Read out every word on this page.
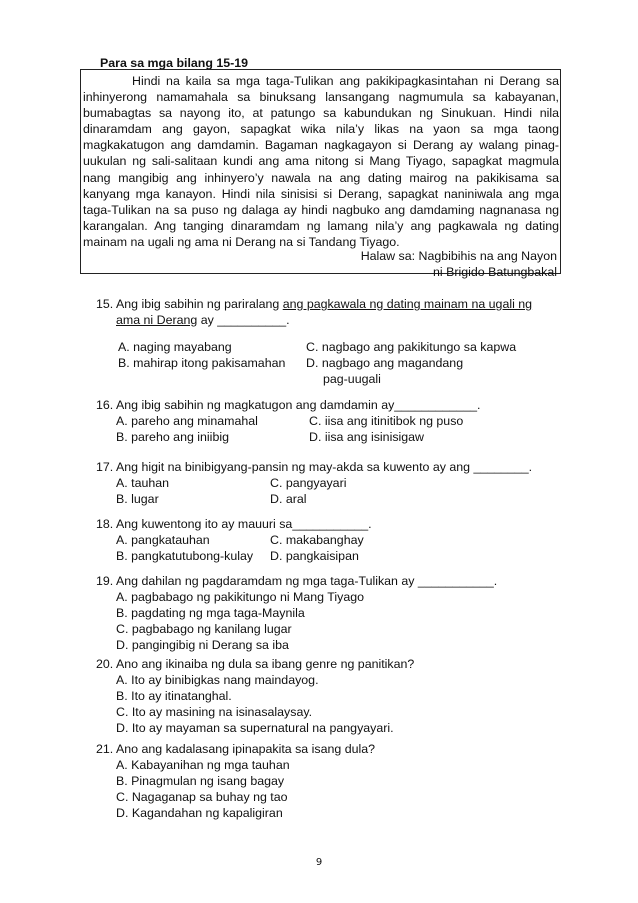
Para sa mga bilang 15-19

Hindi na kaila sa mga taga-Tulikan ang pakikipagkasintahan ni Derang sa inhinyerong namamahala sa binuksang lansangang nagmumula sa kabayanan, bumabagtas sa nayong ito, at patungo sa kabundukan ng Sinukuan. Hindi nila dinaramdam ang gayon, sapagkat wika nila’y likas na yaon sa mga taong magkakatugon ang damdamin. Bagaman nagkagayon si Derang ay walang pinag-uukulan ng sali-salitaan kundi ang ama nitong si Mang Tiyago, sapagkat magmula nang mangibig ang inhinyero’y nawala na ang dating mairog na pakikisama sa kanyang mga kanayon. Hindi nila sinisisi si Derang, sapagkat naniniwala ang mga taga-Tulikan na sa puso ng dalaga ay hindi nagbuko ang damdaming nagnanasa ng karangalan. Ang tanging dinaramdam ng lamang nila’y ang pagkawala ng dating mainam na ugali ng ama ni Derang na si Tandang Tiyago.

Halaw sa: Nagbibihis na ang Nayon
ni Brigido Batungbakal
15. Ang ibig sabihin ng pariralang ang pagkawala ng dating mainam na ugali ng
ama ni Derang ay __________.
A. naging mayabang
B. mahirap itong pakisamahan
C. nagbago ang pakikitungo sa kapwa
D. nagbago ang magandang
pag-uugali
16. Ang ibig sabihin ng magkatugon ang damdamin ay____________.
A. pareho ang minamahal
B. pareho ang iniibig
C. iisa ang itinitibok ng puso
D. iisa ang isinisigaw
17. Ang higit na binibigyang-pansin ng may-akda sa kuwento ay ang ________.
A. tauhan
B. lugar
C. pangyayari
D. aral
18. Ang kuwentong ito ay mauuri sa___________.
A. pangkatauhan
B. pangkatutubong-kulay
C. makabanghay
D. pangkaisipan
19. Ang dahilan ng pagdaramdam ng mga taga-Tulikan ay ___________.
A. pagbabago ng pakikitungo ni Mang Tiyago
B. pagdating ng mga taga-Maynila
C. pagbabago ng kanilang lugar
D. pangingibig ni Derang sa iba
20. Ano ang ikinaiba ng dula sa ibang genre ng panitikan?
A. Ito ay binibigkas nang maindayog.
B. Ito ay itinatanghal.
C. Ito ay masining na isinasalaysay.
D. Ito ay mayaman sa supernatural na pangyayari.
21. Ano ang kadalasang ipinapakita sa isang dula?
A. Kabayanihan ng mga tauhan
B. Pinagmulan ng isang bagay
C. Nagaganap sa buhay ng tao
D. Kagandahan ng kapaligiran
9
